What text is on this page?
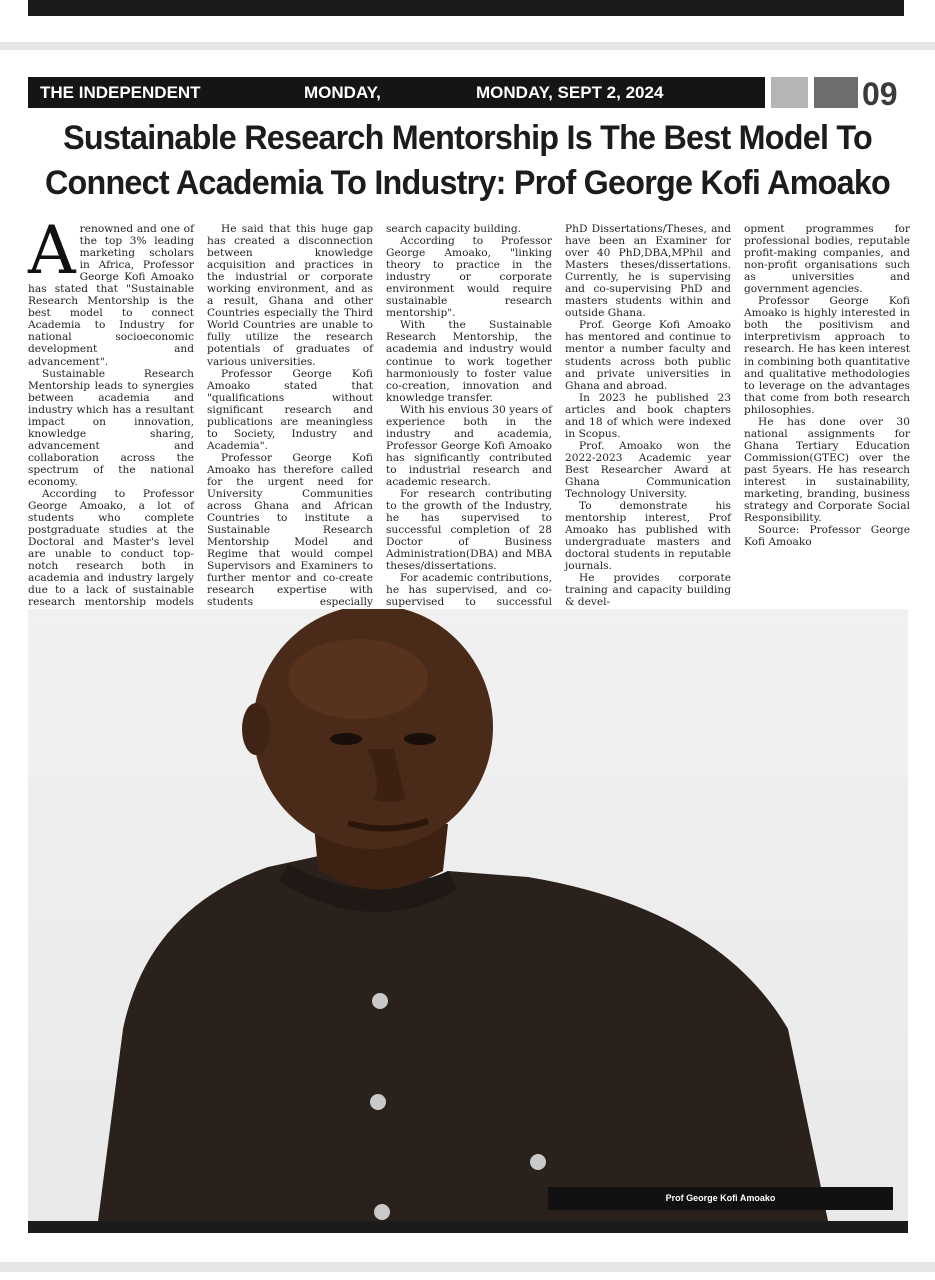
THE INDEPENDENT	MONDAY,	MONDAY, SEPT 2, 2024	09
Sustainable Research Mentorship Is The Best Model To
Connect Academia To Industry: Prof George Kofi Amoako
A renowned and one of the top 3% leading marketing scholars in Africa, Professor George Kofi Amoako has stated that "Sustainable Research Mentorship is the best model to connect Academia to Industry for national socioeconomic development and advancement".

Sustainable Research Mentorship leads to synergies between academia and industry which has a resultant impact on innovation, knowledge sharing, advancement and collaboration across the spectrum of the national economy.

According to Professor George Amoako, a lot of students who complete postgraduate studies at the Doctoral and Master's level are unable to conduct top-notch research both in academia and industry largely due to a lack of sustainable research mentorship models

He said that this huge gap has created a disconnection between knowledge acquisition and practices in the industrial or corporate working environment, and as a result, Ghana and other Countries especially the Third World Countries are unable to fully utilize the research potentials of graduates of various universities.

Professor George Kofi Amoako stated that "qualifications without significant research and publications are meaningless to Society, Industry and Academia".

Professor George Kofi Amoako has therefore called for the urgent need for University Communities across Ghana and African Countries to institute a Sustainable Research Mentorship Model and Regime that would compel Supervisors and Examiners to further mentor and co-create research expertise with students especially

search capacity building.

According to Professor George Amoako, "linking theory to practice in the industry or corporate environment would require sustainable research mentorship".

With the Sustainable Research Mentorship, the academia and industry would continue to work together harmoniously to foster value co-creation, innovation and knowledge transfer.

With his envious 30 years of experience both in the industry and academia, Professor George Kofi Amoako has significantly contributed to industrial research and academic research.

For research contributing to the growth of the Industry, he has supervised to successful completion of 28 Doctor of Business Administration(DBA) and MBA theses/dissertations.

For academic contributions, he has supervised, and co-supervised to successful

PhD Dissertations/Theses, and have been an Examiner for over 40 PhD,DBA,MPhil and Masters theses/dissertations. Currently, he is supervising and co-supervising PhD and masters students within and outside Ghana.

Prof. George Kofi Amoako has mentored and continue to mentor a number faculty and students across both public and private universities in Ghana and abroad.

In 2023 he published 23 articles and book chapters and 18 of which were indexed in Scopus.

Prof. Amoako won the 2022-2023 Academic year Best Researcher Award at Ghana Communication Technology University.

To demonstrate his mentorship interest, Prof Amoako has published with undergraduate masters and doctoral students in reputable journals.

He provides corporate training and capacity building & devel-

opment programmes for professional bodies, reputable profit-making companies, and non-profit organisations such as universities and government agencies.

Professor George Kofi Amoako is highly interested in both the positivism and interpretivism approach to research. He has keen interest in combining both quantitative and qualitative methodologies to leverage on the advantages that come from both research philosophies.

He has done over 30 national assignments for Ghana Tertiary Education Commission(GTEC) over the past 5years. He has research interest in sustainability, marketing, branding, business strategy and Corporate Social Responsibility.

Source: Professor George Kofi Amoako

Prof George Kofi Amoako
